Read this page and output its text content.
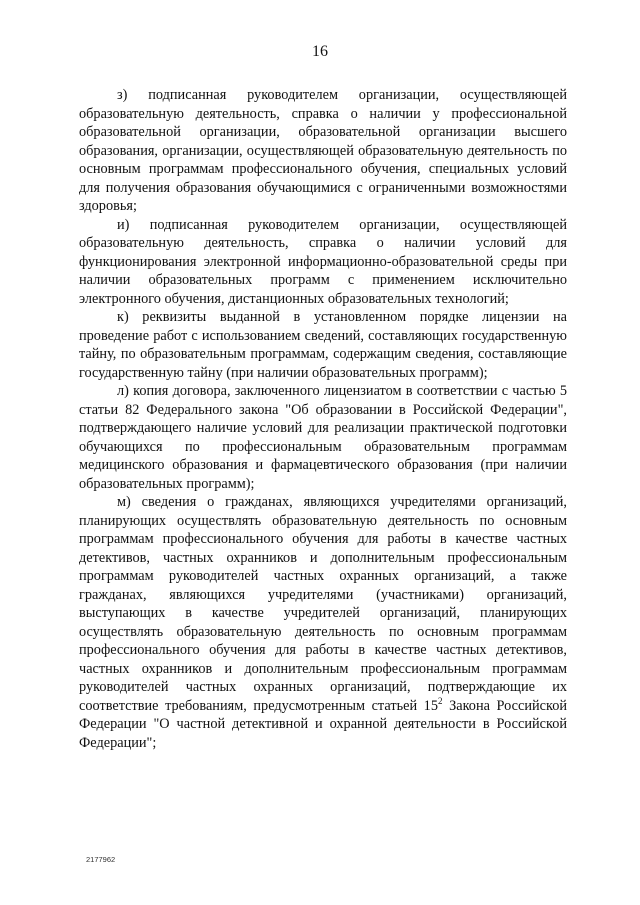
16

з) подписанная руководителем организации, осуществляющей образовательную деятельность, справка о наличии у профессиональной образовательной организации, образовательной организации высшего образования, организации, осуществляющей образовательную деятельность по основным программам профессионального обучения, специальных условий для получения образования обучающимися с ограниченными возможностями здоровья;

и) подписанная руководителем организации, осуществляющей образовательную деятельность, справка о наличии условий для функционирования электронной информационно-образовательной среды при наличии образовательных программ с применением исключительно электронного обучения, дистанционных образовательных технологий;

к) реквизиты выданной в установленном порядке лицензии на проведение работ с использованием сведений, составляющих государственную тайну, по образовательным программам, содержащим сведения, составляющие государственную тайну (при наличии образовательных программ);

л) копия договора, заключенного лицензиатом в соответствии с частью 5 статьи 82 Федерального закона "Об образовании в Российской Федерации", подтверждающего наличие условий для реализации практической подготовки обучающихся по профессиональным образовательным программам медицинского образования и фармацевтического образования (при наличии образовательных программ);

м) сведения о гражданах, являющихся учредителями организаций, планирующих осуществлять образовательную деятельность по основным программам профессионального обучения для работы в качестве частных детективов, частных охранников и дополнительным профессиональным программам руководителей частных охранных организаций, а также гражданах, являющихся учредителями (участниками) организаций, выступающих в качестве учредителей организаций, планирующих осуществлять образовательную деятельность по основным программам профессионального обучения для работы в качестве частных детективов, частных охранников и дополнительным профессиональным программам руководителей частных охранных организаций, подтверждающие их соответствие требованиям, предусмотренным статьей $15^2$ Закона Российской Федерации "О частной детективной и охранной деятельности в Российской Федерации";

2177962
